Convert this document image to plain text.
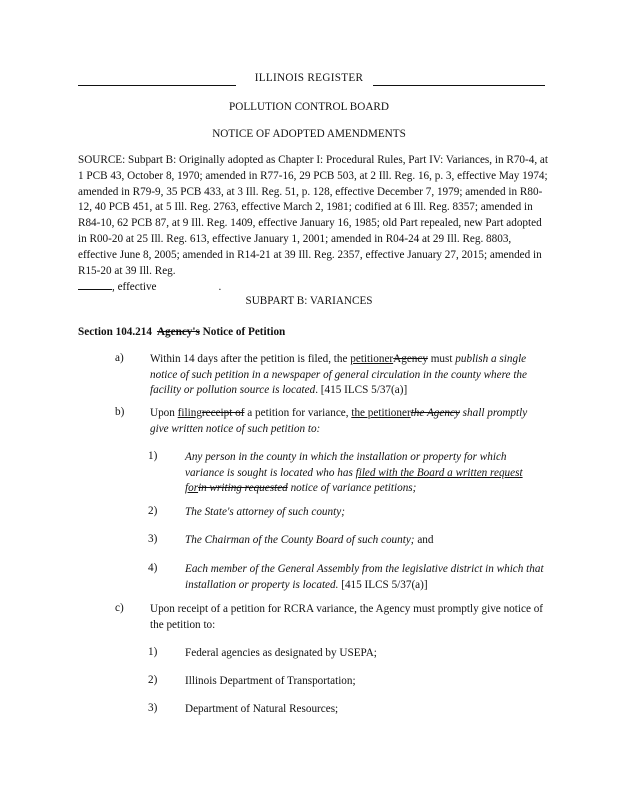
ILLINOIS REGISTER
POLLUTION CONTROL BOARD
NOTICE OF ADOPTED AMENDMENTS
SOURCE: Subpart B: Originally adopted as Chapter I: Procedural Rules, Part IV: Variances, in R70-4, at 1 PCB 43, October 8, 1970; amended in R77-16, 29 PCB 503, at 2 Ill. Reg. 16, p. 3, effective May 1974; amended in R79-9, 35 PCB 433, at 3 Ill. Reg. 51, p. 128, effective December 7, 1979; amended in R80-12, 40 PCB 451, at 5 Ill. Reg. 2763, effective March 2, 1981; codified at 6 Ill. Reg. 8357; amended in R84-10, 62 PCB 87, at 9 Ill. Reg. 1409, effective January 16, 1985; old Part repealed, new Part adopted in R00-20 at 25 Ill. Reg. 613, effective January 1, 2001; amended in R04-24 at 29 Ill. Reg. 8803, effective June 8, 2005; amended in R14-21 at 39 Ill. Reg. 2357, effective January 27, 2015; amended in R15-20 at 39 Ill. Reg.
, effective	.
SUBPART B: VARIANCES
Section 104.214 Agency's Notice of Petition
a) Within 14 days after the petition is filed, the petitionerAgency must publish a single notice of such petition in a newspaper of general circulation in the county where the facility or pollution source is located. [415 ILCS 5/37(a)]
b) Upon filingreceipt of a petition for variance, the petitionerthe Agency shall promptly give written notice of such petition to:
1) Any person in the county in which the installation or property for which variance is sought is located who has filed with the Board a written request forin writing requested notice of variance petitions;
2) The State's attorney of such county;
3) The Chairman of the County Board of such county; and
4) Each member of the General Assembly from the legislative district in which that installation or property is located. [415 ILCS 5/37(a)]
c) Upon receipt of a petition for RCRA variance, the Agency must promptly give notice of the petition to:
1) Federal agencies as designated by USEPA;
2) Illinois Department of Transportation;
3) Department of Natural Resources;
